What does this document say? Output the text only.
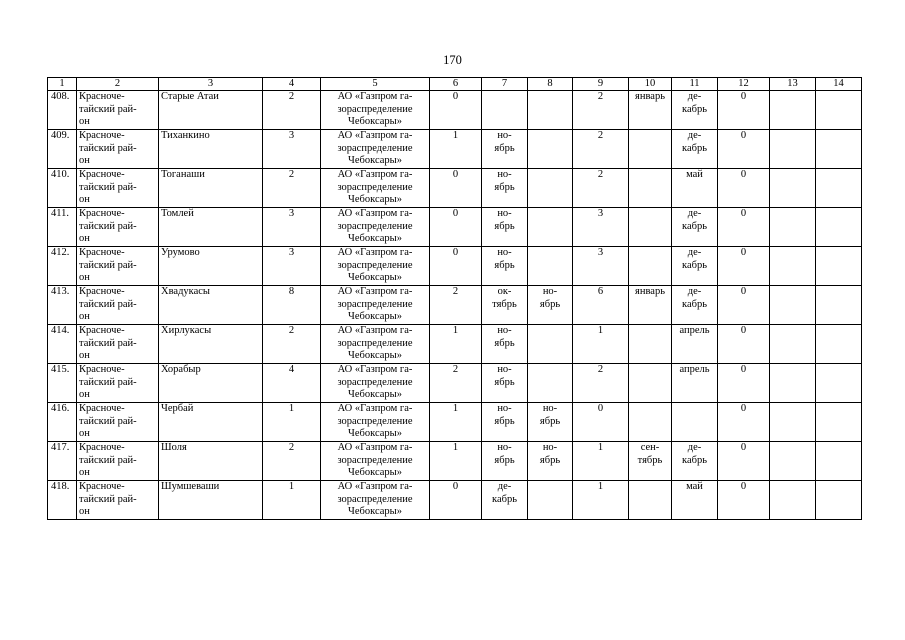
170
1	2	3	4	5	6	7	8	9	10	11	12	13	14
408.	Красноче-
тайский рай-
он	Старые Атаи	2	АО «Газпром га-
зораспределение
Чебоксары»	0			2	январь	де-
кабрь	0		
409.	Красноче-
тайский рай-
он	Тиханкино	3	АО «Газпром га-
зораспределение
Чебоксары»	1	но-
ябрь		2		де-
кабрь	0		
410.	Красноче-
тайский рай-
он	Тоганаши	2	АО «Газпром га-
зораспределение
Чебоксары»	0	но-
ябрь		2		май	0		
411.	Красноче-
тайский рай-
он	Томлей	3	АО «Газпром га-
зораспределение
Чебоксары»	0	но-
ябрь		3		де-
кабрь	0		
412.	Красноче-
тайский рай-
он	Урумово	3	АО «Газпром га-
зораспределение
Чебоксары»	0	но-
ябрь		3		де-
кабрь	0		
413.	Красноче-
тайский рай-
он	Хвадукасы	8	АО «Газпром га-
зораспределение
Чебоксары»	2	ок-
тябрь	но-
ябрь	6	январь	де-
кабрь	0		
414.	Красноче-
тайский рай-
он	Хирлукасы	2	АО «Газпром га-
зораспределение
Чебоксары»	1	но-
ябрь		1		апрель	0		
415.	Красноче-
тайский рай-
он	Хорабыр	4	АО «Газпром га-
зораспределение
Чебоксары»	2	но-
ябрь		2		апрель	0		
416.	Красноче-
тайский рай-
он	Чербай	1	АО «Газпром га-
зораспределение
Чебоксары»	1	но-
ябрь	но-
ябрь	0			0		
417.	Красноче-
тайский рай-
он	Шоля	2	АО «Газпром га-
зораспределение
Чебоксары»	1	но-
ябрь	но-
ябрь	1	сен-
тябрь	де-
кабрь	0		
418.	Красноче-
тайский рай-
он	Шумшеваши	1	АО «Газпром га-
зораспределение
Чебоксары»	0	де-
кабрь		1		май	0		
